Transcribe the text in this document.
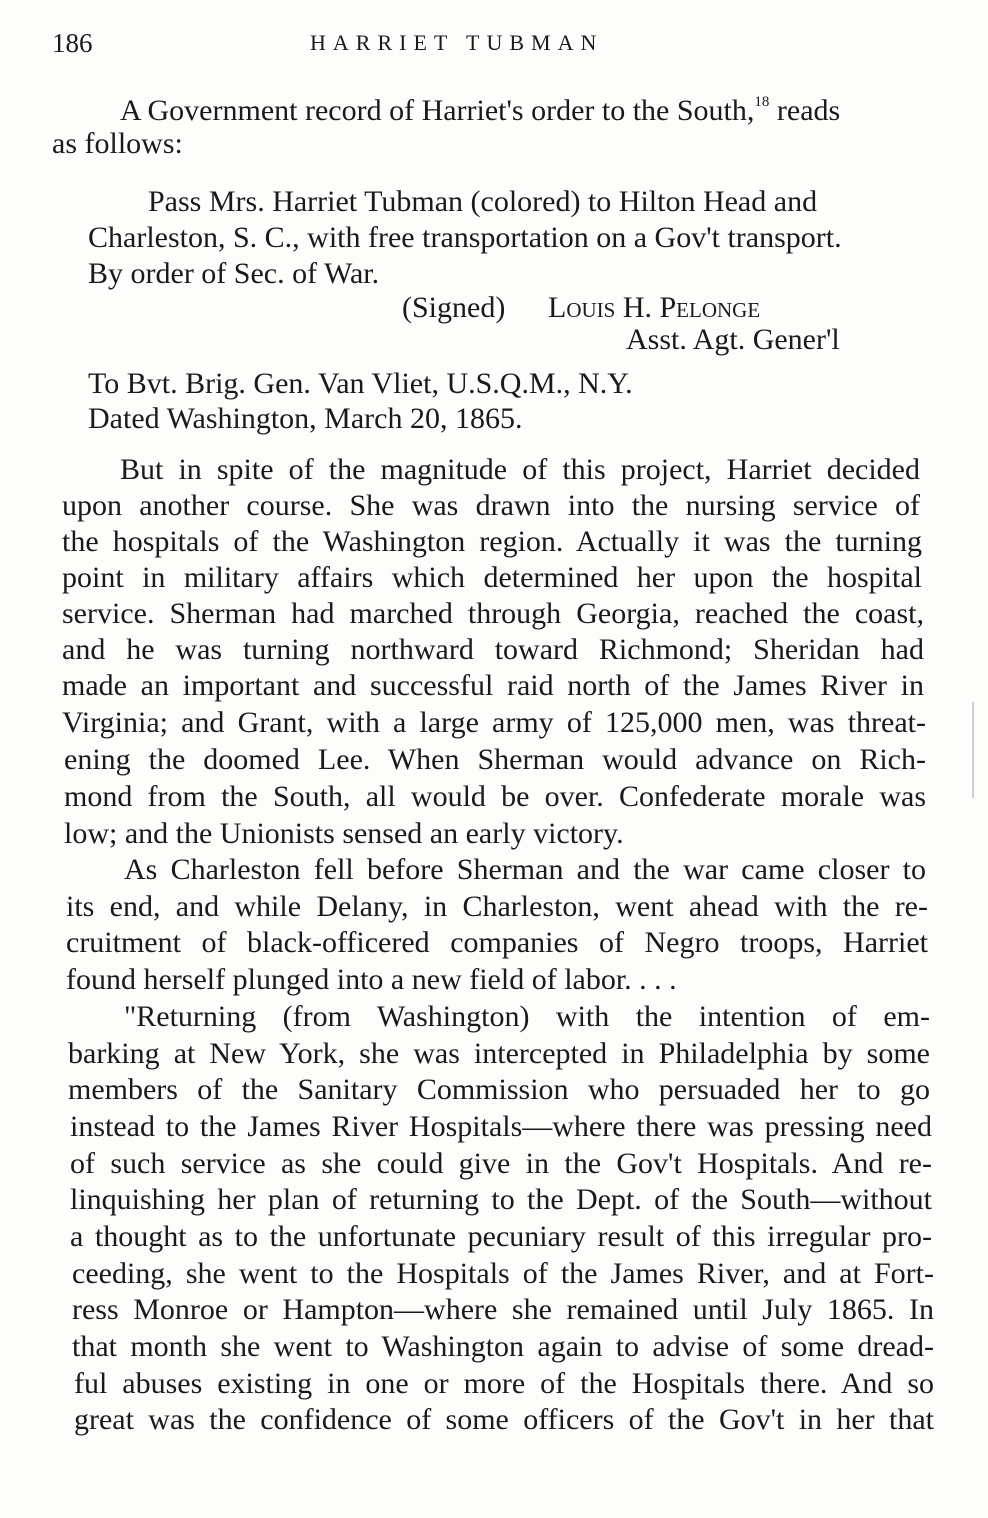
186	HARRIET TUBMAN
A Government record of Harriet's order to the South,$^{18}$ reads
as follows:
Pass Mrs. Harriet Tubman (colored) to Hilton Head and
Charleston, S. C., with free transportation on a Gov't transport.
By order of Sec. of War.
(Signed) Louis H. Pelonge
Asst. Agt. Gener'l
To Bvt. Brig. Gen. Van Vliet, U.S.Q.M., N.Y.
Dated Washington, March 20, 1865.
But in spite of the magnitude of this project, Harriet decided
upon another course. She was drawn into the nursing service of
the hospitals of the Washington region. Actually it was the turning
point in military affairs which determined her upon the hospital
service. Sherman had marched through Georgia, reached the coast,
and he was turning northward toward Richmond; Sheridan had
made an important and successful raid north of the James River in
Virginia; and Grant, with a large army of 125,000 men, was threat-
ening the doomed Lee. When Sherman would advance on Rich-
mond from the South, all would be over. Confederate morale was
low; and the Unionists sensed an early victory.
As Charleston fell before Sherman and the war came closer to
its end, and while Delany, in Charleston, went ahead with the re-
cruitment of black-officered companies of Negro troops, Harriet
found herself plunged into a new field of labor. . . .
"Returning (from Washington) with the intention of em-
barking at New York, she was intercepted in Philadelphia by some
members of the Sanitary Commission who persuaded her to go
instead to the James River Hospitals—where there was pressing need
of such service as she could give in the Gov't Hospitals. And re-
linquishing her plan of returning to the Dept. of the South—without
a thought as to the unfortunate pecuniary result of this irregular pro-
ceeding, she went to the Hospitals of the James River, and at Fort-
ress Monroe or Hampton—where she remained until July 1865. In
that month she went to Washington again to advise of some dread-
ful abuses existing in one or more of the Hospitals there. And so
great was the confidence of some officers of the Gov't in her that
